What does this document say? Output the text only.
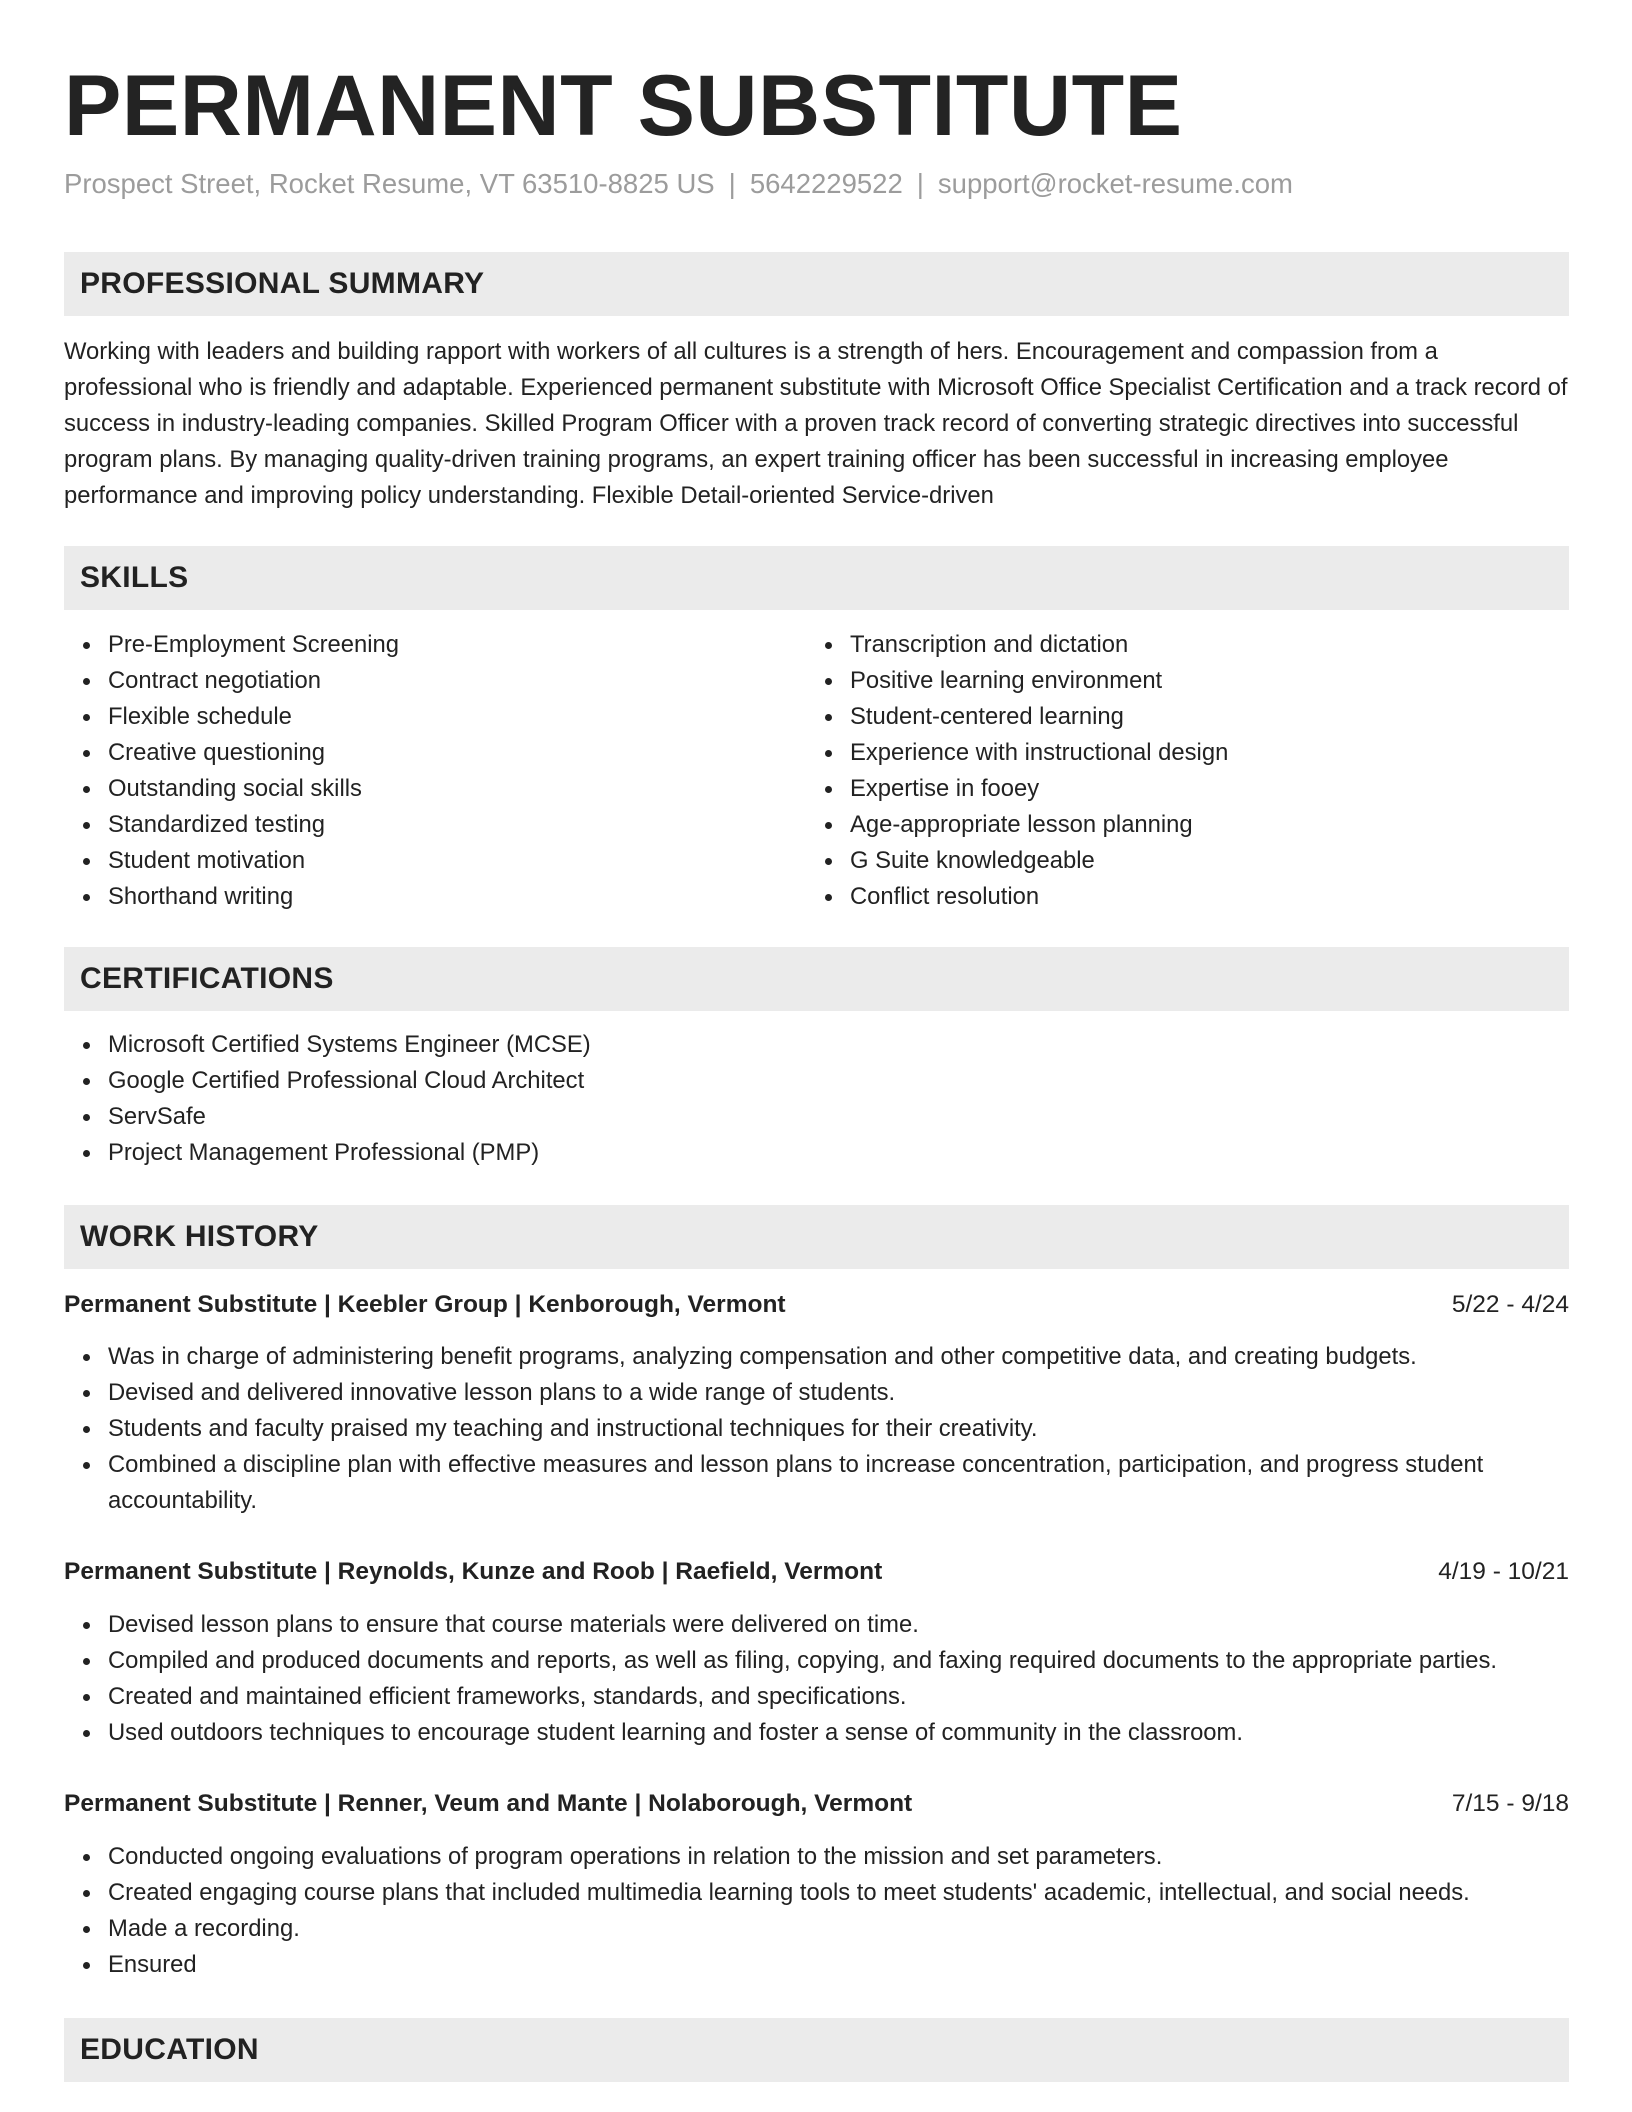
PERMANENT SUBSTITUTE
Prospect Street, Rocket Resume, VT 63510-8825 US | 5642229522 | support@rocket-resume.com
PROFESSIONAL SUMMARY

Working with leaders and building rapport with workers of all cultures is a strength of hers. Encouragement and compassion from a professional who is friendly and adaptable. Experienced permanent substitute with Microsoft Office Specialist Certification and a track record of success in industry-leading companies. Skilled Program Officer with a proven track record of converting strategic directives into successful program plans. By managing quality-driven training programs, an expert training officer has been successful in increasing employee performance and improving policy understanding. Flexible Detail-oriented Service-driven

SKILLS
Pre-Employment Screening
Contract negotiation
Flexible schedule
Creative questioning
Outstanding social skills
Standardized testing
Student motivation
Shorthand writing
Transcription and dictation
Positive learning environment
Student-centered learning
Experience with instructional design
Expertise in fooey
Age-appropriate lesson planning
G Suite knowledgeable
Conflict resolution
CERTIFICATIONS
Microsoft Certified Systems Engineer (MCSE)
Google Certified Professional Cloud Architect
ServSafe
Project Management Professional (PMP)
WORK HISTORY
Permanent Substitute | Keebler Group | Kenborough, Vermont	5/22 - 4/24
Was in charge of administering benefit programs, analyzing compensation and other competitive data, and creating budgets.
Devised and delivered innovative lesson plans to a wide range of students.
Students and faculty praised my teaching and instructional techniques for their creativity.
Combined a discipline plan with effective measures and lesson plans to increase concentration, participation, and progress student accountability.
Permanent Substitute | Reynolds, Kunze and Roob | Raefield, Vermont	4/19 - 10/21
Devised lesson plans to ensure that course materials were delivered on time.
Compiled and produced documents and reports, as well as filing, copying, and faxing required documents to the appropriate parties.
Created and maintained efficient frameworks, standards, and specifications.
Used outdoors techniques to encourage student learning and foster a sense of community in the classroom.
Permanent Substitute | Renner, Veum and Mante | Nolaborough, Vermont	7/15 - 9/18
Conducted ongoing evaluations of program operations in relation to the mission and set parameters.
Created engaging course plans that included multimedia learning tools to meet students' academic, intellectual, and social needs.
Made a recording.
Ensured
EDUCATION
